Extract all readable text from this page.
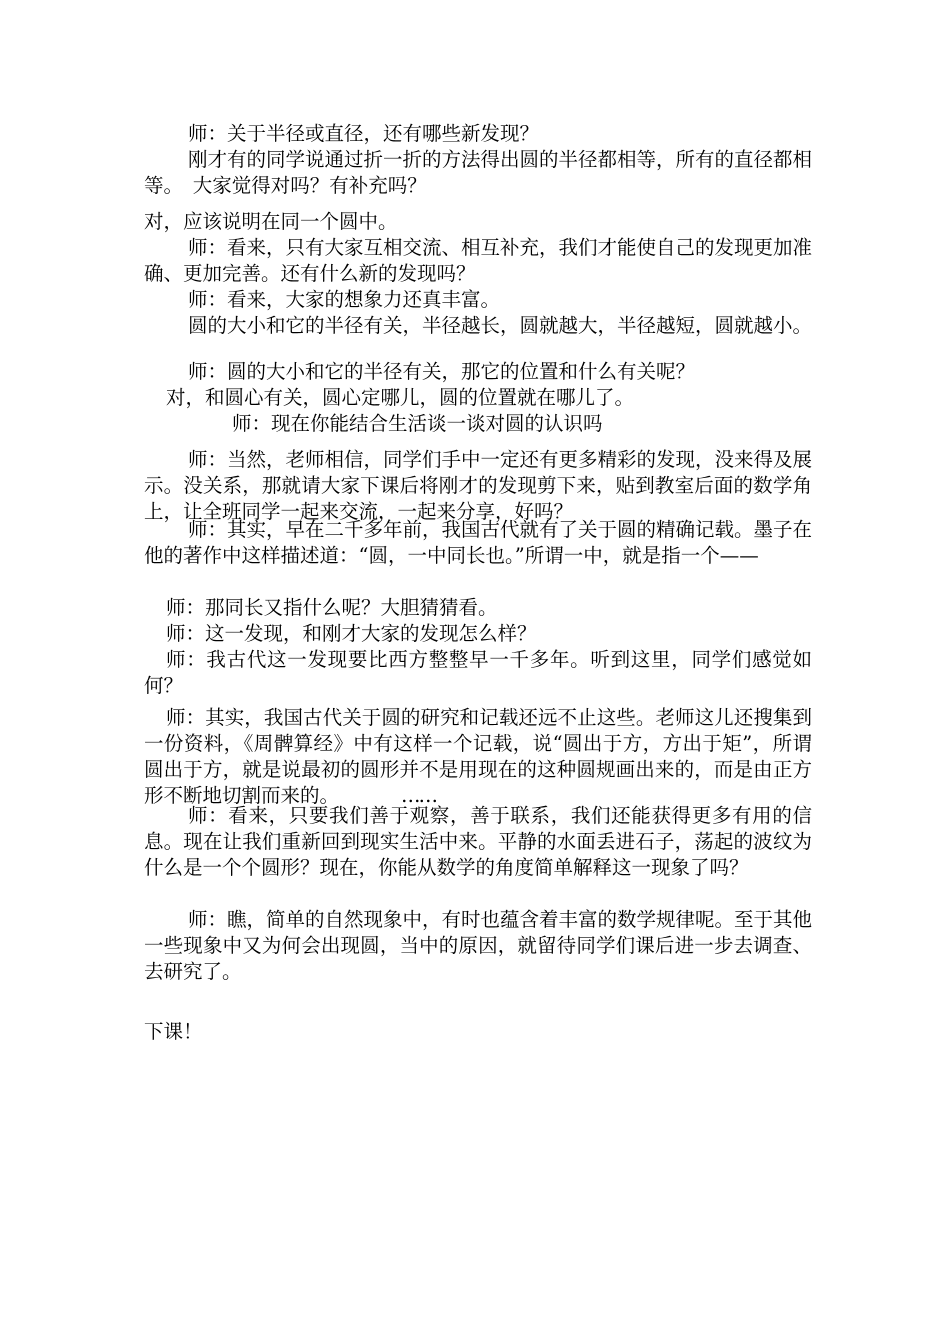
师：关于半径或直径，还有哪些新发现？
刚才有的同学说通过折一折的方法得出圆的半径都相等，所有的直径都相等。　大家觉得对吗？有补充吗？
对，应该说明在同一个圆中。
师：看来，只有大家互相交流、相互补充，我们才能使自己的发现更加准确、更加完善。还有什么新的发现吗？
师：看来，大家的想象力还真丰富。
圆的大小和它的半径有关，半径越长，圆就越大，半径越短，圆就越小。
师：圆的大小和它的半径有关，那它的位置和什么有关呢？
对，和圆心有关，圆心定哪儿，圆的位置就在哪儿了。
师：现在你能结合生活谈一谈对圆的认识吗
师：当然，老师相信，同学们手中一定还有更多精彩的发现，没来得及展示。没关系，那就请大家下课后将刚才的发现剪下来，贴到教室后面的数学角上，让全班同学一起来交流，一起来分享，好吗？
师：其实，早在二千多年前，我国古代就有了关于圆的精确记载。墨子在他的著作中这样描述道：“圆，一中同长也。”所谓一中，就是指一个——
师：那同长又指什么呢？大胆猜猜看。
师：这一发现，和刚才大家的发现怎么样？
师：我古代这一发现要比西方整整早一千多年。听到这里，同学们感觉如何？
师：其实，我国古代关于圆的研究和记载还远不止这些。老师这儿还搜集到一份资料，《周髀算经》中有这样一个记载，说“圆出于方，方出于矩”，所谓圆出于方，就是说最初的圆形并不是用现在的这种圆规画出来的，而是由正方形不断地切割而来的。	……
师：看来，只要我们善于观察，善于联系，我们还能获得更多有用的信息。现在让我们重新回到现实生活中来。平静的水面丢进石子，荡起的波纹为什么是一个个圆形？现在，你能从数学的角度简单解释这一现象了吗？
师：瞧，简单的自然现象中，有时也蕴含着丰富的数学规律呢。至于其他一些现象中又为何会出现圆，当中的原因，就留待同学们课后进一步去调查、去研究了。
下课！
